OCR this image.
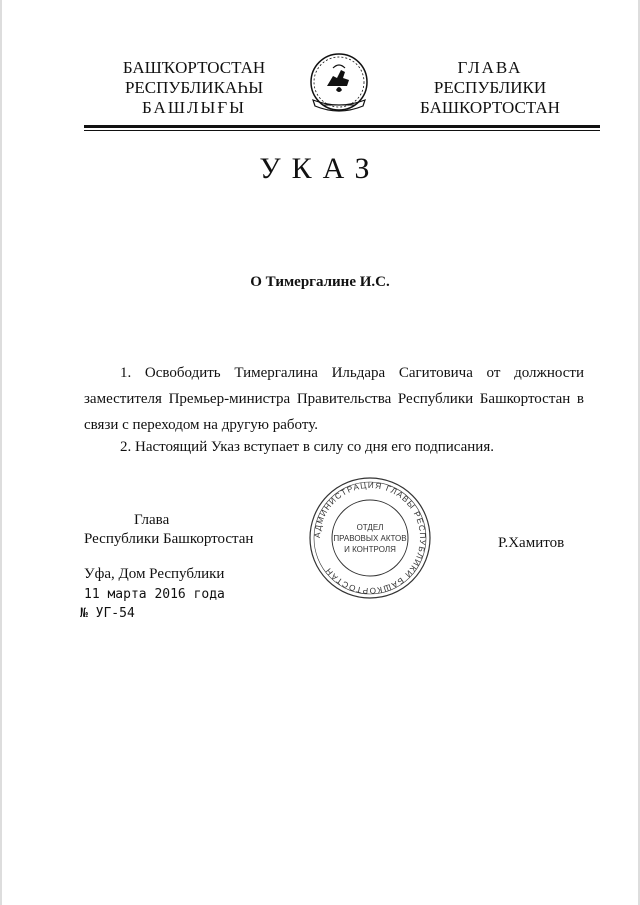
БАШҠОРТОСТАН
РЕСПУБЛИКАҺЫ
БАШЛЫҒЫ
ГЛАВА
РЕСПУБЛИКИ
БАШКОРТОСТАН
УКАЗ
О Тимергалине И.С.
1. Освободить Тимергалина Ильдара Сагитовича от должности заместителя Премьер-министра Правительства Республики Башкортостан в связи с переходом на другую работу.
2. Настоящий Указ вступает в силу со дня его подписания.
Глава
Республики Башкортостан	Р.Хамитов
АДМИНИСТРАЦИЯ ГЛАВЫ РЕСПУБЛИКИ БАШКОРТОСТАН
ОТДЕЛ
ПРАВОВЫХ АКТОВ
И КОНТРОЛЯ
Уфа, Дом Республики
11 марта 2016 года
№ УГ-54
